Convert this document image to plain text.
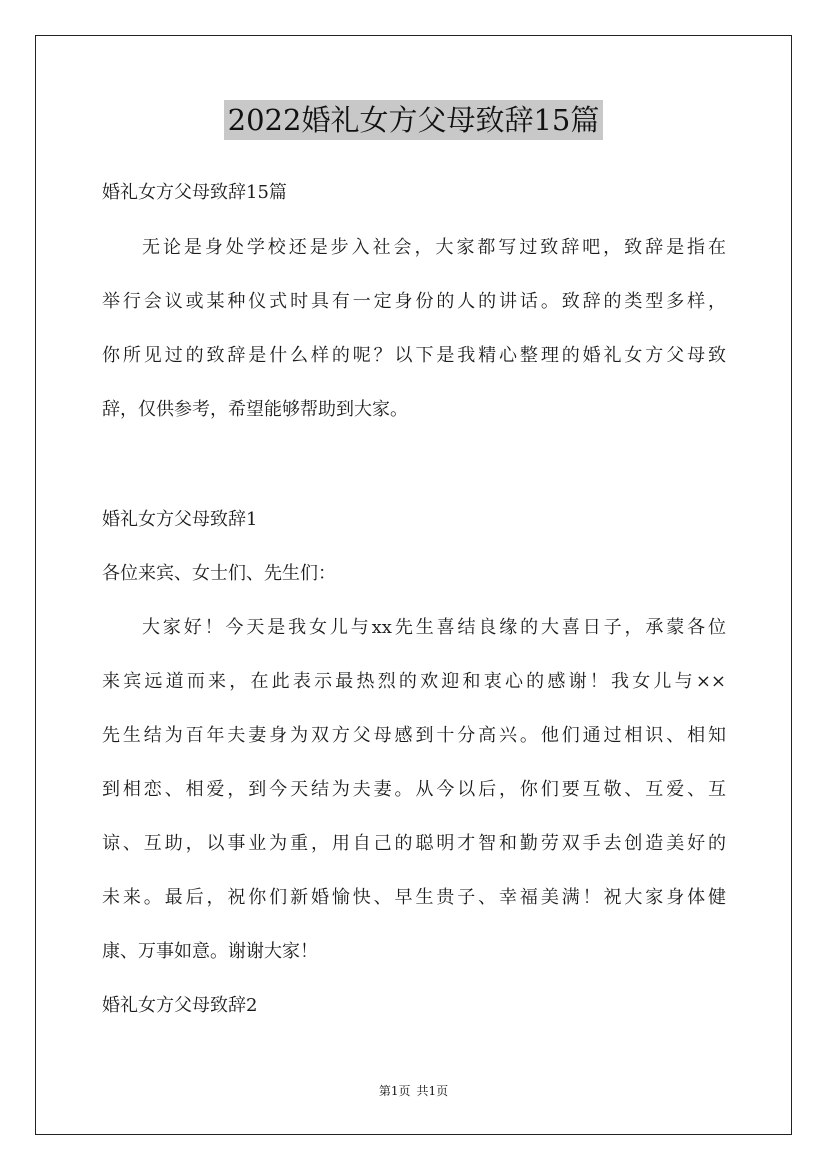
2022婚礼女方父母致辞15篇
婚礼女方父母致辞15篇
无论是身处学校还是步入社会，大家都写过致辞吧，致辞是指在
举行会议或某种仪式时具有一定身份的人的讲话。致辞的类型多样，
你所见过的致辞是什么样的呢？以下是我精心整理的婚礼女方父母致
辞，仅供参考，希望能够帮助到大家。
婚礼女方父母致辞1
各位来宾、女士们、先生们：
大家好！今天是我女儿与xx先生喜结良缘的大喜日子，承蒙各位
来宾远道而来，在此表示最热烈的欢迎和衷心的感谢！我女儿与××
先生结为百年夫妻身为双方父母感到十分高兴。他们通过相识、相知
到相恋、相爱，到今天结为夫妻。从今以后，你们要互敬、互爱、互
谅、互助，以事业为重，用自己的聪明才智和勤劳双手去创造美好的
未来。最后，祝你们新婚愉快、早生贵子、幸福美满！祝大家身体健
康、万事如意。谢谢大家！
婚礼女方父母致辞2
第1页 共1页
